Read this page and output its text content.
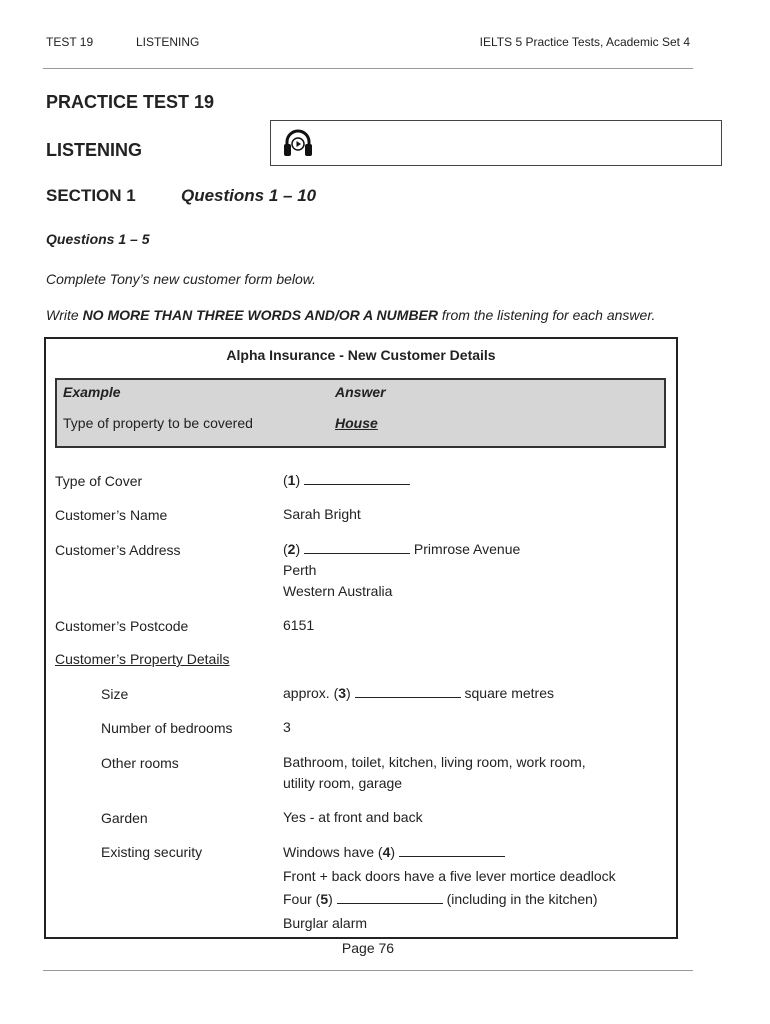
TEST 19	LISTENING	IELTS 5 Practice Tests, Academic Set 4
PRACTICE TEST 19
LISTENING
SECTION 1	Questions 1 – 10
Questions 1 – 5
Complete Tony’s new customer form below.
Write NO MORE THAN THREE WORDS AND/OR A NUMBER from the listening for each answer.
Alpha Insurance - New Customer Details
Example	Answer
Type of property to be covered	House
Type of Cover	(1)
Customer’s Name	Sarah Bright
Customer’s Address	(2)	Primrose Avenue
Perth
Western Australia
Customer’s Postcode	6151
Customer’s Property Details
Size	approx. (3)	square metres
Number of bedrooms	3
Other rooms	Bathroom, toilet, kitchen, living room, work room,
utility room, garage
Garden	Yes - at front and back
Existing security	Windows have (4)
Front + back doors have a five lever mortice deadlock
Four (5)	(including in the kitchen)
Burglar alarm
Page 76
